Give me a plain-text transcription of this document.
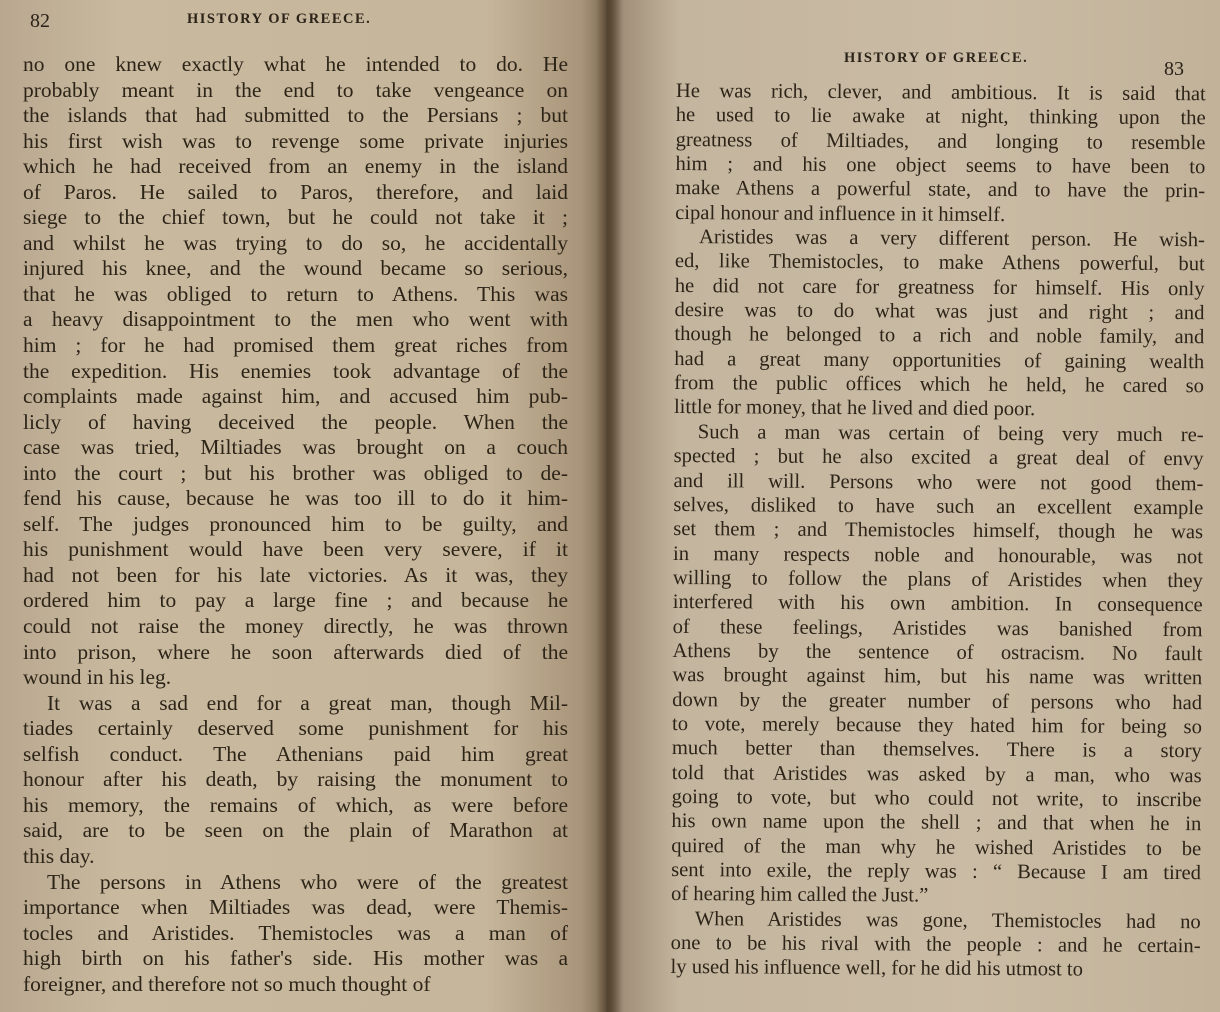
82	HISTORY OF GREECE.
no one knew exactly what he intended to do. He
probably meant in the end to take vengeance on
the islands that had submitted to the Persians ; but
his first wish was to revenge some private injuries
which he had received from an enemy in the island
of Paros. He sailed to Paros, therefore, and laid
siege to the chief town, but he could not take it ;
and whilst he was trying to do so, he accidentally
injured his knee, and the wound became so serious,
that he was obliged to return to Athens. This was
a heavy disappointment to the men who went with
him ; for he had promised them great riches from
the expedition. His enemies took advantage of the
complaints made against him, and accused him pub-
licly of having deceived the people. When the
case was tried, Miltiades was brought on a couch
into the court ; but his brother was obliged to de-
fend his cause, because he was too ill to do it him-
self. The judges pronounced him to be guilty, and
his punishment would have been very severe, if it
had not been for his late victories. As it was, they
ordered him to pay a large fine ; and because he
could not raise the money directly, he was thrown
into prison, where he soon afterwards died of the
wound in his leg.
It was a sad end for a great man, though Mil-
tiades certainly deserved some punishment for his
selfish conduct. The Athenians paid him great
honour after his death, by raising the monument to
his memory, the remains of which, as were before
said, are to be seen on the plain of Marathon at
this day.
The persons in Athens who were of the greatest
importance when Miltiades was dead, were Themis-
tocles and Aristides. Themistocles was a man of
high birth on his father's side. His mother was a
foreigner, and therefore not so much thought of
HISTORY OF GREECE.	83
He was rich, clever, and ambitious. It is said that
he used to lie awake at night, thinking upon the
greatness of Miltiades, and longing to resemble
him ; and his one object seems to have been to
make Athens a powerful state, and to have the prin-
cipal honour and influence in it himself.
Aristides was a very different person. He wish-
ed, like Themistocles, to make Athens powerful, but
he did not care for greatness for himself. His only
desire was to do what was just and right ; and
though he belonged to a rich and noble family, and
had a great many opportunities of gaining wealth
from the public offices which he held, he cared so
little for money, that he lived and died poor.
Such a man was certain of being very much re-
spected ; but he also excited a great deal of envy
and ill will. Persons who were not good them-
selves, disliked to have such an excellent example
set them ; and Themistocles himself, though he was
in many respects noble and honourable, was not
willing to follow the plans of Aristides when they
interfered with his own ambition. In consequence
of these feelings, Aristides was banished from
Athens by the sentence of ostracism. No fault
was brought against him, but his name was written
down by the greater number of persons who had
to vote, merely because they hated him for being so
much better than themselves. There is a story
told that Aristides was asked by a man, who was
going to vote, but who could not write, to inscribe
his own name upon the shell ; and that when he in
quired of the man why he wished Aristides to be
sent into exile, the reply was : “ Because I am tired
of hearing him called the Just.”
When Aristides was gone, Themistocles had no
one to be his rival with the people : and he certain-
ly used his influence well, for he did his utmost to
